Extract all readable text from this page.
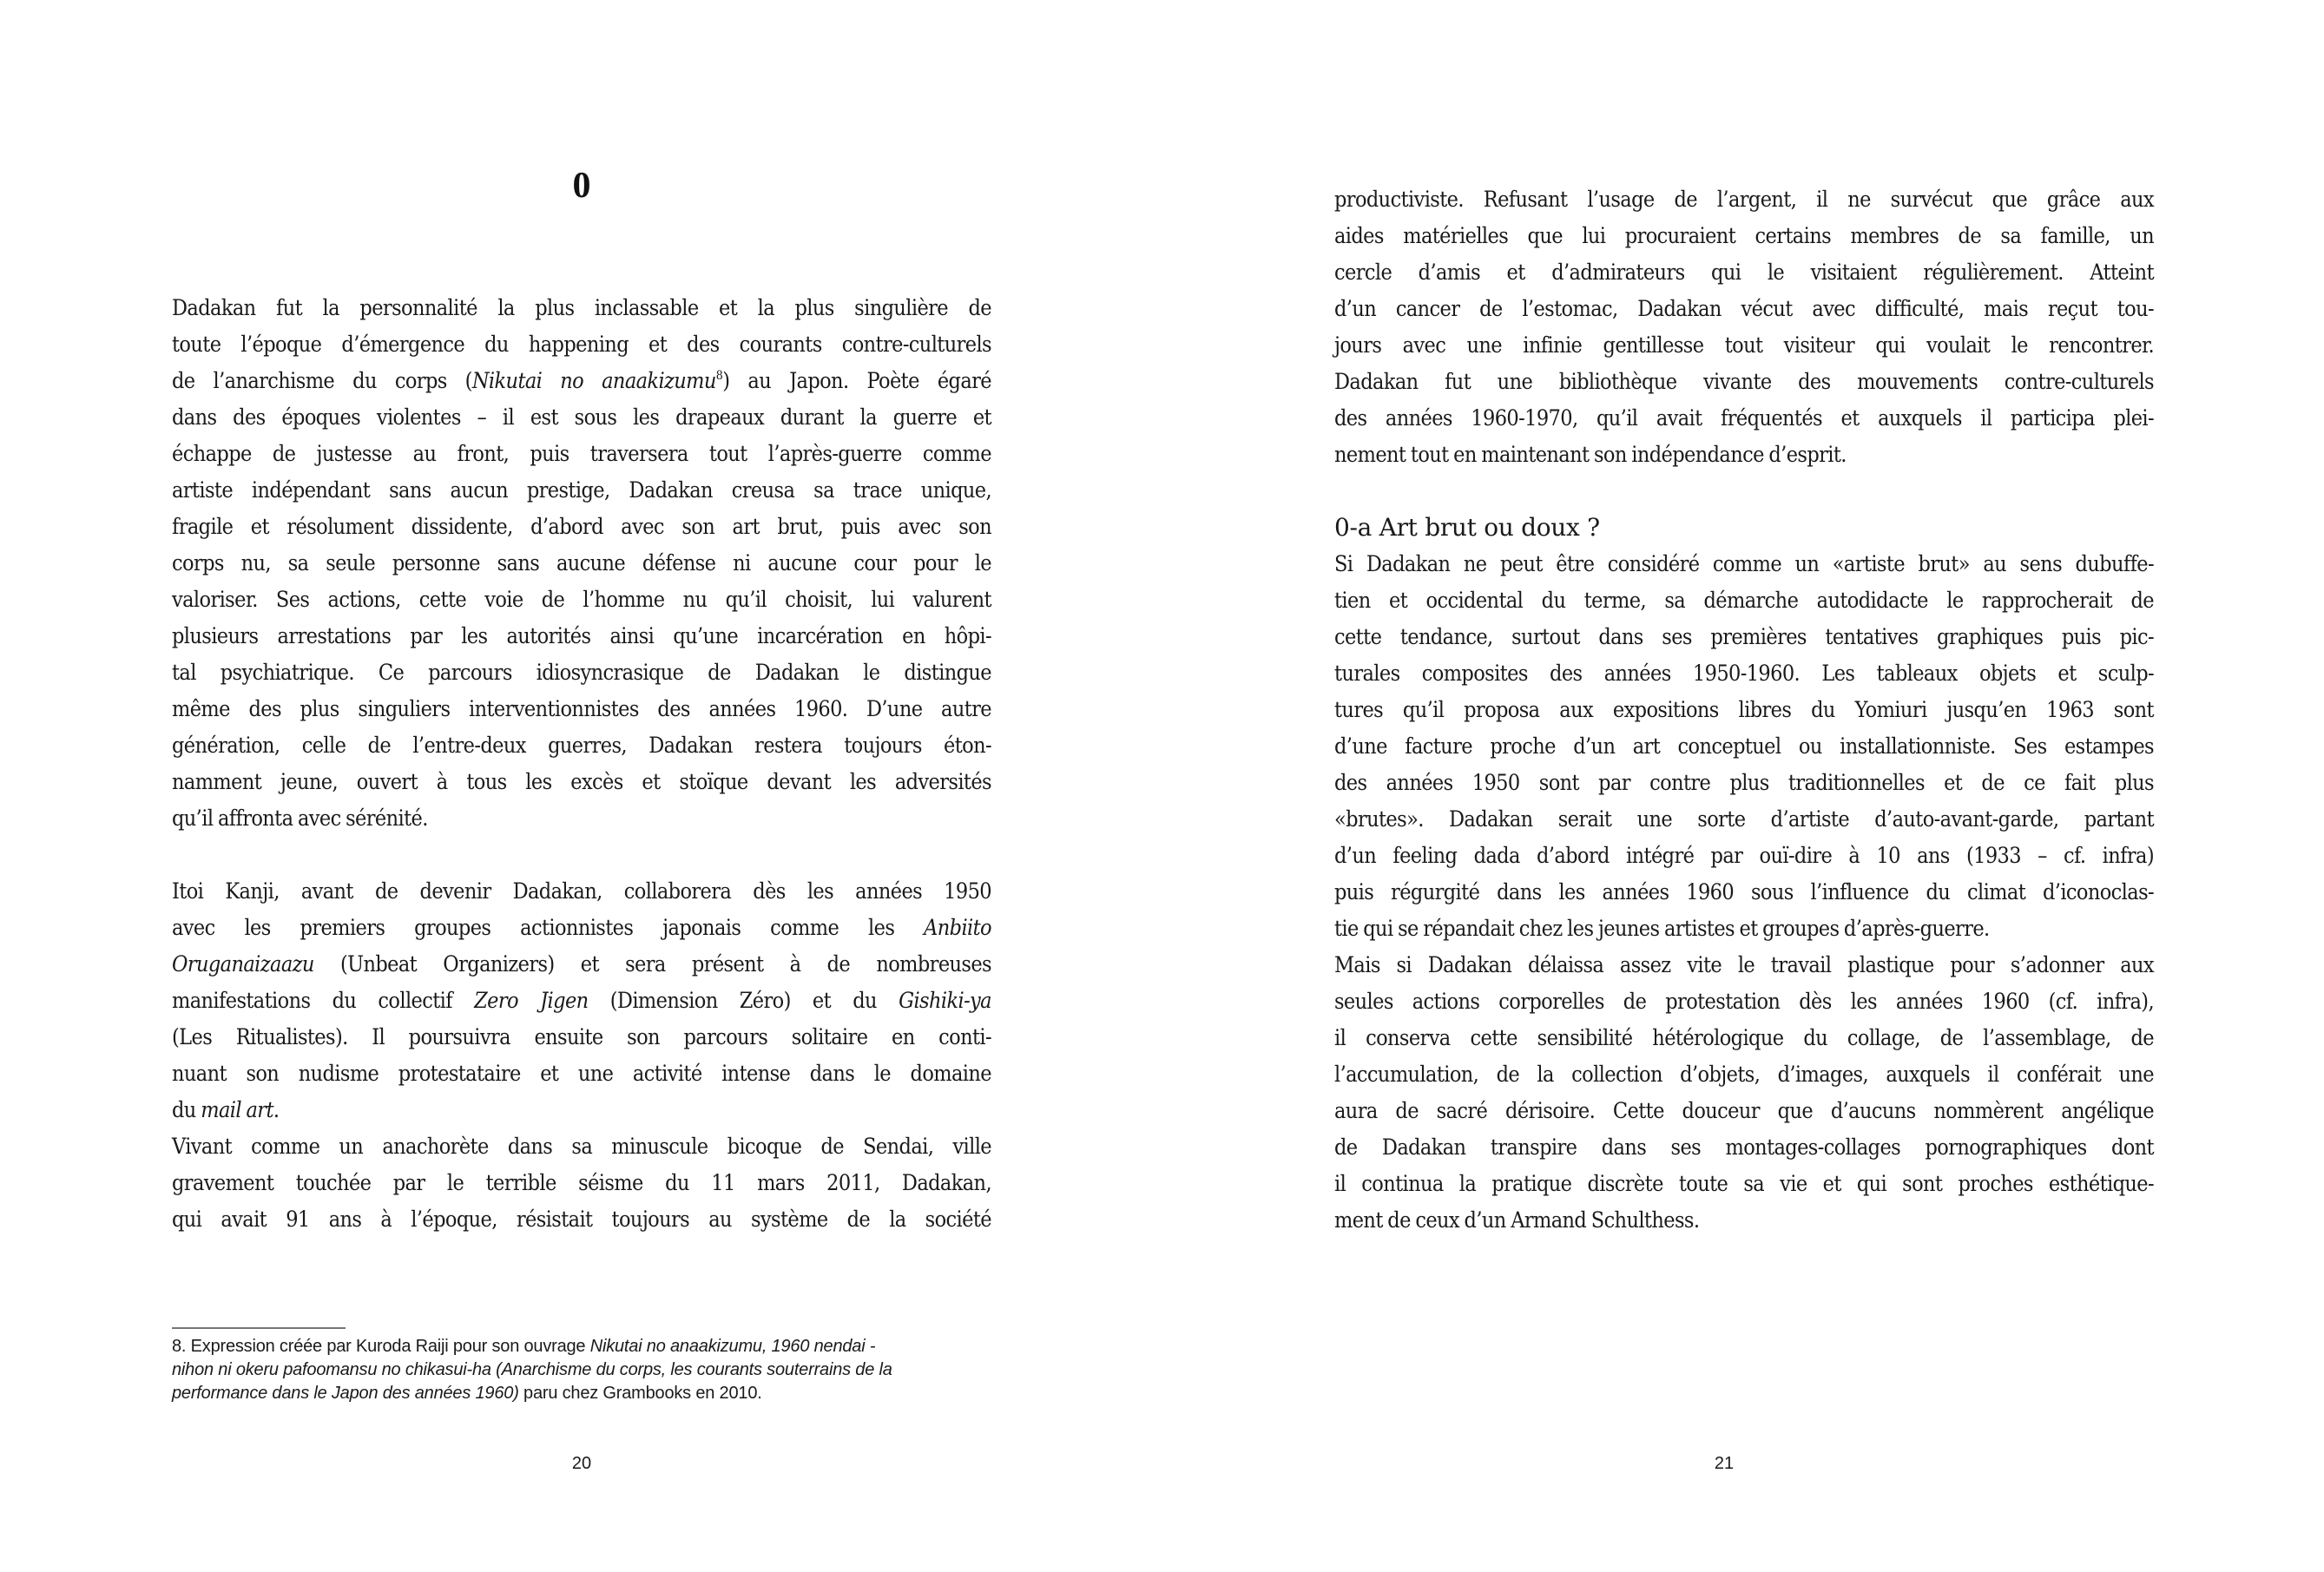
0
Dadakan fut la personnalité la plus inclassable et la plus singulière de
toute l’époque d’émergence du happening et des courants contre-culturels
de l’anarchisme du corps (Nikutai no anaakizumu$^8$) au Japon. Poète égaré
dans des époques violentes – il est sous les drapeaux durant la guerre et
échappe de justesse au front, puis traversera tout l’après-guerre comme
artiste indépendant sans aucun prestige, Dadakan creusa sa trace unique,
fragile et résolument dissidente, d’abord avec son art brut, puis avec son
corps nu, sa seule personne sans aucune défense ni aucune cour pour le
valoriser. Ses actions, cette voie de l’homme nu qu’il choisit, lui valurent
plusieurs arrestations par les autorités ainsi qu’une incarcération en hôpi-
tal psychiatrique. Ce parcours idiosyncrasique de Dadakan le distingue
même des plus singuliers interventionnistes des années 1960. D’une autre
génération, celle de l’entre-deux guerres, Dadakan restera toujours éton-
namment jeune, ouvert à tous les excès et stoïque devant les adversités
qu’il affronta avec sérénité.
Itoi Kanji, avant de devenir Dadakan, collaborera dès les années 1950
avec les premiers groupes actionnistes japonais comme les Anbiito
Oruganaizaazu (Unbeat Organizers) et sera présent à de nombreuses
manifestations du collectif Zero Jigen (Dimension Zéro) et du Gishiki-ya
(Les Ritualistes). Il poursuivra ensuite son parcours solitaire en conti-
nuant son nudisme protestataire et une activité intense dans le domaine
du mail art.
Vivant comme un anachorète dans sa minuscule bicoque de Sendai, ville
gravement touchée par le terrible séisme du 11 mars 2011, Dadakan,
qui avait 91 ans à l’époque, résistait toujours au système de la société
8. Expression créée par Kuroda Raiji pour son ouvrage Nikutai no anaakizumu, 1960 nendai -
nihon ni okeru pafoomansu no chikasui-ha (Anarchisme du corps, les courants souterrains de la
performance dans le Japon des années 1960) paru chez Grambooks en 2010.
20
productiviste. Refusant l’usage de l’argent, il ne survécut que grâce aux
aides matérielles que lui procuraient certains membres de sa famille, un
cercle d’amis et d’admirateurs qui le visitaient régulièrement. Atteint
d’un cancer de l’estomac, Dadakan vécut avec difficulté, mais reçut tou-
jours avec une infinie gentillesse tout visiteur qui voulait le rencontrer.
Dadakan fut une bibliothèque vivante des mouvements contre-culturels
des années 1960-1970, qu’il avait fréquentés et auxquels il participa plei-
nement tout en maintenant son indépendance d’esprit.
0-a Art brut ou doux ?
Si Dadakan ne peut être considéré comme un «artiste brut» au sens dubuffe-
tien et occidental du terme, sa démarche autodidacte le rapprocherait de
cette tendance, surtout dans ses premières tentatives graphiques puis pic-
turales composites des années 1950-1960. Les tableaux objets et sculp-
tures qu’il proposa aux expositions libres du Yomiuri jusqu’en 1963 sont
d’une facture proche d’un art conceptuel ou installationniste. Ses estampes
des années 1950 sont par contre plus traditionnelles et de ce fait plus
«brutes». Dadakan serait une sorte d’artiste d’auto-avant-garde, partant
d’un feeling dada d’abord intégré par ouï-dire à 10 ans (1933 – cf. infra)
puis régurgité dans les années 1960 sous l’influence du climat d’iconoclas-
tie qui se répandait chez les jeunes artistes et groupes d’après-guerre.
Mais si Dadakan délaissa assez vite le travail plastique pour s’adonner aux
seules actions corporelles de protestation dès les années 1960 (cf. infra),
il conserva cette sensibilité hétérologique du collage, de l’assemblage, de
l’accumulation, de la collection d’objets, d’images, auxquels il conférait une
aura de sacré dérisoire. Cette douceur que d’aucuns nommèrent angélique
de Dadakan transpire dans ses montages-collages pornographiques dont
il continua la pratique discrète toute sa vie et qui sont proches esthétique-
ment de ceux d’un Armand Schulthess.
21
